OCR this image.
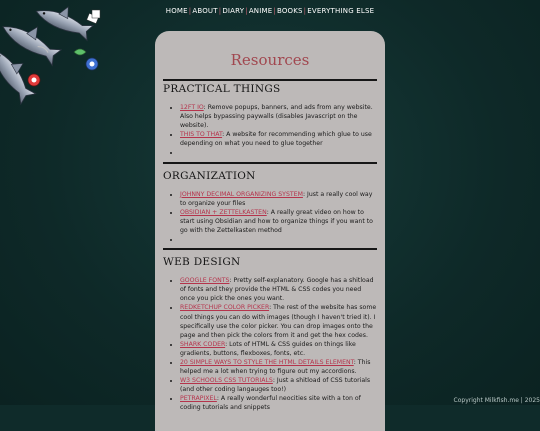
HOME|ABOUT|DIARY|ANIME|BOOKS|EVERYTHING ELSE
Resources
PRACTICAL THINGS
• 12FT IO: Remove popups, banners, and ads from any website. Also helps bypassing paywalls (disables Javascript on the website).
• THIS TO THAT: A website for recommending which glue to use depending on what you need to glue together
•
ORGANIZATION
• JOHNNY DECIMAL ORGANIZING SYSTEM: Just a really cool way to organize your files
• OBSIDIAN + ZETTELKASTEN: A really great video on how to start using Obsidian and how to organize things if you want to go with the Zettelkasten method
•
WEB DESIGN
• GOOGLE FONTS: Pretty self-explanatory. Google has a shitload of fonts and they provide the HTML & CSS codes you need once you pick the ones you want.
• REDKETCHUP COLOR PICKER: The rest of the website has some cool things you can do with images (though I haven't tried it). I specifically use the color picker. You can drop images onto the page and then pick the colors from it and get the hex codes.
• SHARK CODER: Lots of HTML & CSS guides on things like gradients, buttons, flexboxes, fonts, etc.
• 20 SIMPLE WAYS TO STYLE THE HTML DETAILS ELEMENT: This helped me a lot when trying to figure out my accordions.
• W3 SCHOOLS CSS TUTORIALS: Just a shitload of CSS tutorials (and other coding langauges too!)
• PETRAPIXEL: A really wonderful neocities site with a ton of coding tutorials and snippets
Copyright Milkfish.me | 2025
